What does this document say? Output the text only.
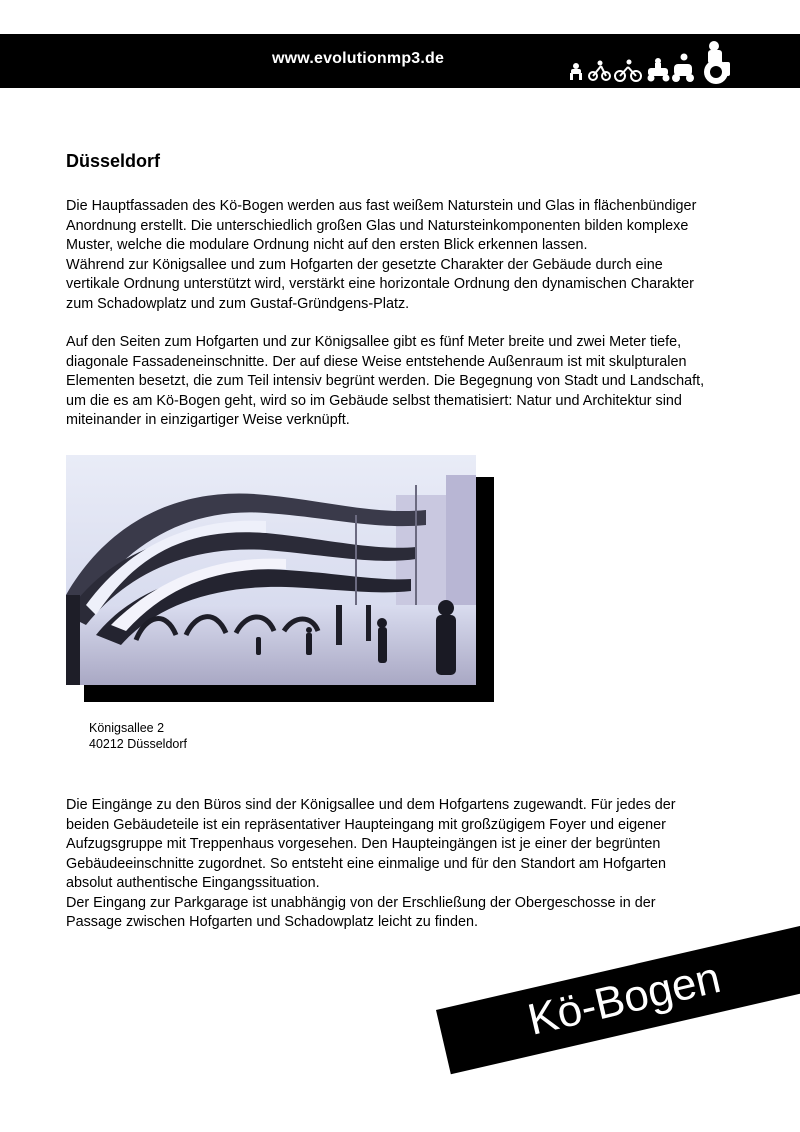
www.evolutionmp3.de
Düsseldorf

Die Hauptfassaden des Kö-Bogen werden aus fast weißem Naturstein und Glas in flächenbündiger
Anordnung erstellt. Die unterschiedlich großen Glas und Natursteinkomponenten bilden komplexe
Muster, welche die modulare Ordnung nicht auf den ersten Blick erkennen lassen.
Während zur Königsallee und zum Hofgarten der gesetzte Charakter der Gebäude durch eine
vertikale Ordnung unterstützt wird, verstärkt eine horizontale Ordnung den dynamischen Charakter
zum Schadowplatz und zum Gustaf-Gründgens-Platz.

Auf den Seiten zum Hofgarten und zur Königsallee gibt es fünf Meter breite und zwei Meter tiefe,
diagonale Fassadeneinschnitte. Der auf diese Weise entstehende Außenraum ist mit skulpturalen
Elementen besetzt, die zum Teil intensiv begrünt werden. Die Begegnung von Stadt und Landschaft,
um die es am Kö-Bogen geht, wird so im Gebäude selbst thematisiert: Natur und Architektur sind
miteinander in einzigartiger Weise verknüpft.

Königsallee 2
40212 Düsseldorf

Die Eingänge zu den Büros sind der Königsallee und dem Hofgartens zugewandt. Für jedes der
beiden Gebäudeteile ist ein repräsentativer Haupteingang mit großzügigem Foyer und eigener
Aufzugsgruppe mit Treppenhaus vorgesehen. Den Haupteingängen ist je einer der begrünten
Gebäudeeinschnitte zugordnet. So entsteht eine einmalige und für den Standort am Hofgarten
absolut authentische Eingangssituation.
Der Eingang zur Parkgarage ist unabhängig von der Erschließung der Obergeschosse in der
Passage zwischen Hofgarten und Schadowplatz leicht zu finden.

Kö-Bogen
